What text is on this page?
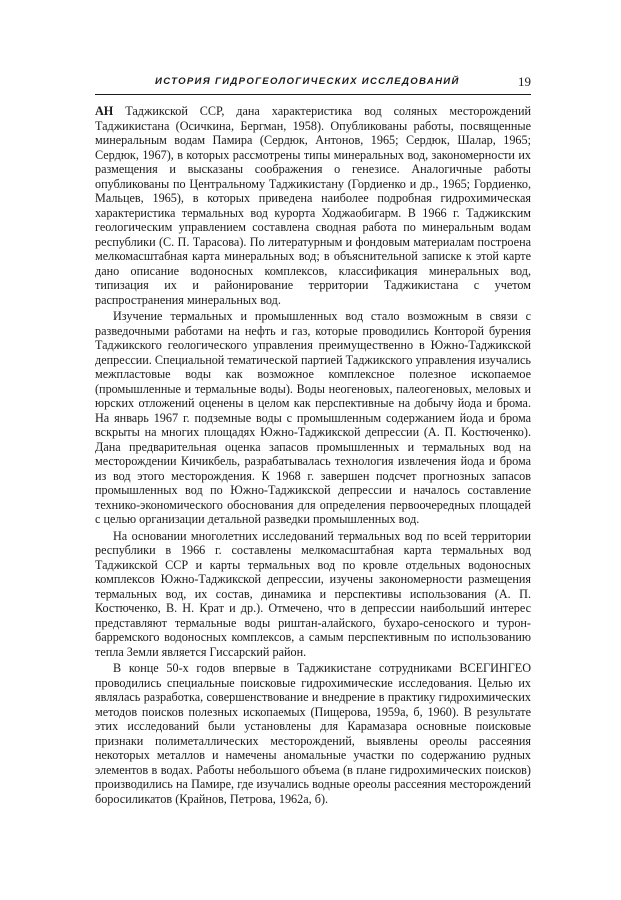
ИСТОРИЯ ГИДРОГЕОЛОГИЧЕСКИХ ИССЛЕДОВАНИЙ	19

АН Таджикской ССР, дана характеристика вод соляных месторождений Таджикистана (Осичкина, Бергман, 1958). Опубликованы работы, посвященные минеральным водам Памира (Сердюк, Антонов, 1965; Сердюк, Шалар, 1965; Сердюк, 1967), в которых рассмотрены типы минеральных вод, закономерности их размещения и высказаны соображения о генезисе. Аналогичные работы опубликованы по Центральному Таджикистану (Гордиенко и др., 1965; Гордиенко, Мальцев, 1965), в которых приведена наиболее подробная гидрохимическая характеристика термальных вод курорта Ходжаобигарм. В 1966 г. Таджикским геологическим управлением составлена сводная работа по минеральным водам республики (С. П. Тарасова). По литературным и фондовым материалам построена мелкомасштабная карта минеральных вод; в объяснительной записке к этой карте дано описание водоносных комплексов, классификация минеральных вод, типизация их и районирование территории Таджикистана с учетом распространения минеральных вод.

Изучение термальных и промышленных вод стало возможным в связи с разведочными работами на нефть и газ, которые проводились Конторой бурения Таджикского геологического управления преимущественно в Южно-Таджикской депрессии. Специальной тематической партией Таджикского управления изучались межпластовые воды как возможное комплексное полезное ископаемое (промышленные и термальные воды). Воды неогеновых, палеогеновых, меловых и юрских отложений оценены в целом как перспективные на добычу йода и брома. На январь 1967 г. подземные воды с промышленным содержанием йода и брома вскрыты на многих площадях Южно-Таджикской депрессии (А. П. Костюченко). Дана предварительная оценка запасов промышленных и термальных вод на месторождении Кичикбель, разрабатывалась технология извлечения йода и брома из вод этого месторождения. К 1968 г. завершен подсчет прогнозных запасов промышленных вод по Южно-Таджикской депрессии и началось составление технико-экономического обоснования для определения первоочередных площадей с целью организации детальной разведки промышленных вод.

На основании многолетних исследований термальных вод по всей территории республики в 1966 г. составлены мелкомасштабная карта термальных вод Таджикской ССР и карты термальных вод по кровле отдельных водоносных комплексов Южно-Таджикской депрессии, изучены закономерности размещения термальных вод, их состав, динамика и перспективы использования (А. П. Костюченко, В. Н. Крат и др.). Отмечено, что в депрессии наибольший интерес представляют термальные воды риштан-алайского, бухаро-сеноского и турон-барремского водоносных комплексов, а самым перспективным по использованию тепла Земли является Гиссарский район.

В конце 50-х годов впервые в Таджикистане сотрудниками ВСЕГИНГЕО проводились специальные поисковые гидрохимические исследования. Целью их являлась разработка, совершенствование и внедрение в практику гидрохимических методов поисков полезных ископаемых (Пищерова, 1959а, б, 1960). В результате этих исследований были установлены для Карамазара основные поисковые признаки полиметаллических месторождений, выявлены ореолы рассеяния некоторых металлов и намечены аномальные участки по содержанию рудных элементов в водах. Работы небольшого объема (в плане гидрохимических поисков) производились на Памире, где изучались водные ореолы рассеяния месторождений боросиликатов (Крайнов, Петрова, 1962а, б).
